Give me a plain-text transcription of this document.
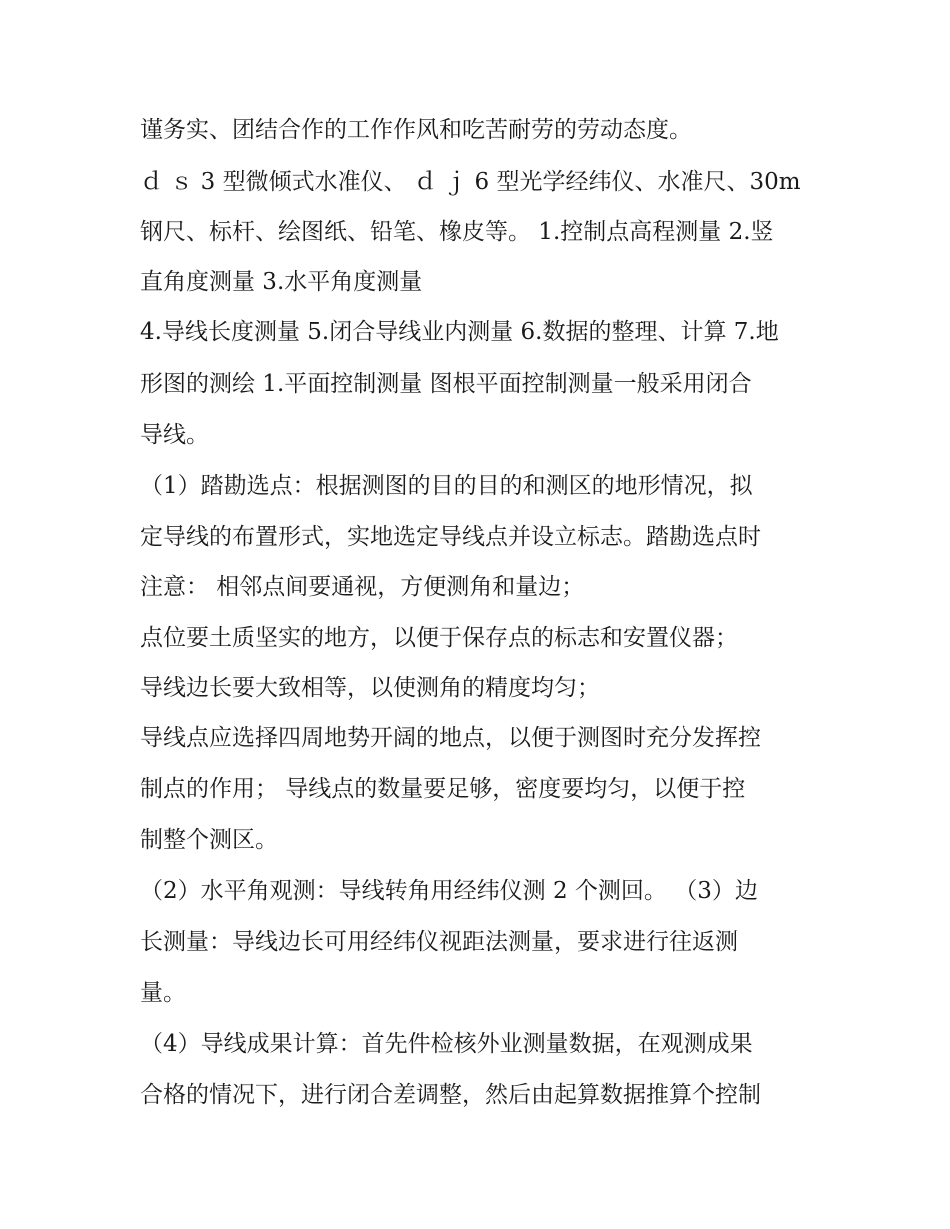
谨务实、团结合作的工作作风和吃苦耐劳的劳动态度。
ｄ ｓ 3 型微倾式水准仪、 ｄ ｊ 6 型光学经纬仪、水准尺、30m
钢尺、标杆、绘图纸、铅笔、橡皮等。 1.控制点高程测量 2.竖
直角度测量 3.水平角度测量
4.导线长度测量 5.闭合导线业内测量 6.数据的整理、计算 7.地
形图的测绘 1.平面控制测量 图根平面控制测量一般采用闭合
导线。
（1）踏勘选点：根据测图的目的目的和测区的地形情况，拟
定导线的布置形式，实地选定导线点并设立标志。踏勘选点时
注意： 相邻点间要通视，方便测角和量边；
点位要土质坚实的地方，以便于保存点的标志和安置仪器；
导线边长要大致相等，以使测角的精度均匀；
导线点应选择四周地势开阔的地点，以便于测图时充分发挥控
制点的作用； 导线点的数量要足够，密度要均匀，以便于控
制整个测区。
（2）水平角观测：导线转角用经纬仪测 2 个测回。 （3）边
长测量：导线边长可用经纬仪视距法测量，要求进行往返测
量。
（4）导线成果计算：首先件检核外业测量数据，在观测成果
合格的情况下，进行闭合差调整，然后由起算数据推算个控制
